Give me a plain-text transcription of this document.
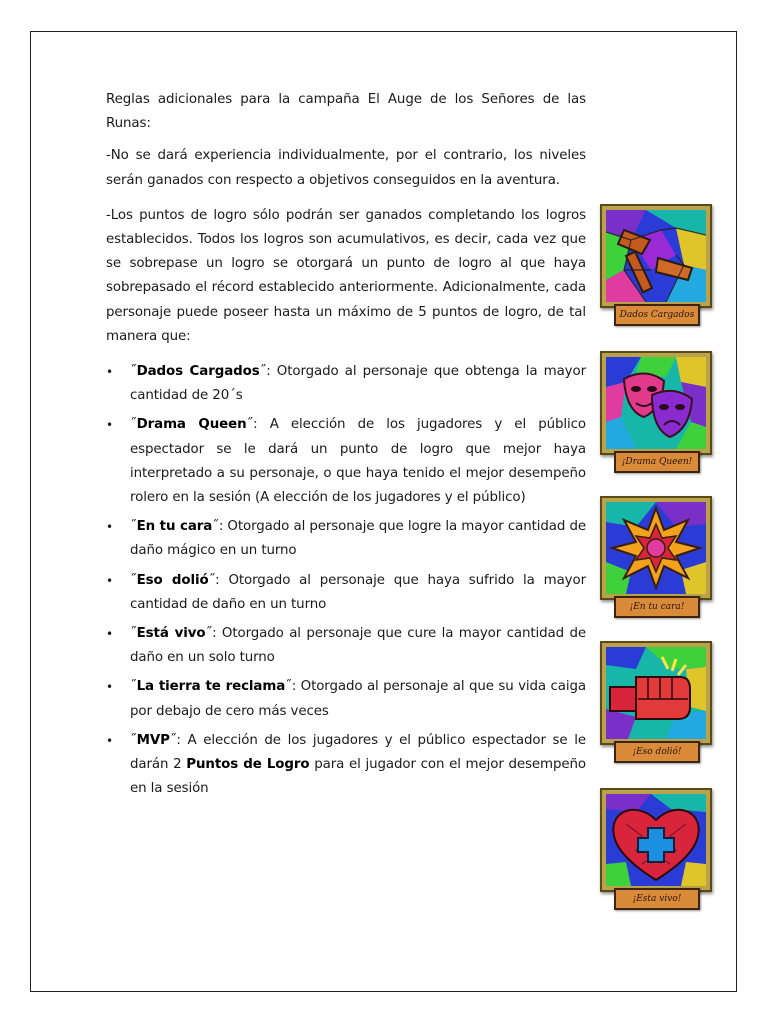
Reglas adicionales para la campaña El Auge de los Señores de las Runas:

-No se dará experiencia individualmente, por el contrario, los niveles serán ganados con respecto a objetivos conseguidos en la aventura.

-Los puntos de logro sólo podrán ser ganados completando los logros establecidos. Todos los logros son acumulativos, es decir, cada vez que se sobrepase un logro se otorgará un punto de logro al que haya sobrepasado el récord establecido anteriormente. Adicionalmente, cada personaje puede poseer hasta un máximo de 5 puntos de logro, de tal manera que:

• ˝Dados Cargados˝: Otorgado al personaje que obtenga la mayor cantidad de 20´s
• ˝Drama Queen˝: A elección de los jugadores y el público espectador se le dará un punto de logro que mejor haya interpretado a su personaje, o que haya tenido el mejor desempeño rolero en la sesión (A elección de los jugadores y el público)
• ˝En tu cara˝: Otorgado al personaje que logre la mayor cantidad de daño mágico en un turno
• ˝Eso dolió˝: Otorgado al personaje que haya sufrido la mayor cantidad de daño en un turno
• ˝Está vivo˝: Otorgado al personaje que cure la mayor cantidad de daño en un solo turno
• ˝La tierra te reclama˝: Otorgado al personaje al que su vida caiga por debajo de cero más veces
• ˝MVP˝: A elección de los jugadores y el público espectador se le darán 2 Puntos de Logro para el jugador con el mejor desempeño en la sesión
Dados Cargados
¡Drama Queen!
¡En tu cara!
¡Eso dolió!
¡Esta vivo!
